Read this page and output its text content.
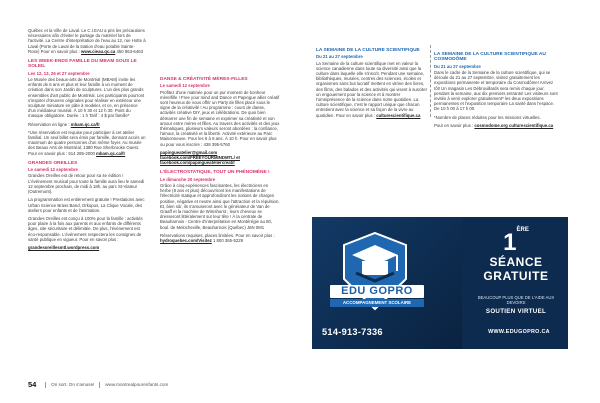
Québec et la Ville de Laval. Le C.I.EAU a pris les précautions nécessaires afin d'éviter le partage du matériel lors de l'activité. La Centre d'interprétation de l'eau au 12, rue Hotte à Laval (Porte de Laval de la station d'eau potable Sainte-Rose) Pour en savoir plus : www.cieau.qc.ca 450 963-6463

LES WEEK-ENDS FAMILLE DU MBAM SOUS LE SOLEIL
Les 12, 13, 26 et 27 septembre

Le Musée des beaux-arts de Montréal (MBAM) invite les enfants de 6 ans et plus et leur famille à un moment de création dans son Jardin de sculptures. L'un des plus grands ensembles d'art public de Montréal. Les participants pourront s'inspirer d'œuvres originales pour réaliser en extérieur une sculpture miniature en pâte à modeler, et ce, en présence d'un médiateur muséal. À 10 h 30 et 12 h 30. Point du masque obligatoire. Durée : 1 h Tarif : 4 $ par famille*

Réservation en ligne : mbam.qc.ca/fr

*Une réservation est requise pour participer à cet atelier familial. Un seul billet sera émis par famille, donnant accès un maximum de quatre personnes d'un même foyer. Au musée des Beaux Arts de Montréal, 1380 Rue Sherbrooke Ouest. Pour en savoir plus : 514 285-2000 mbam.qc.ca/fr

GRANDES OREILLES
Le samedi 12 septembre

Grandes Oreilles est de retour pour sa 4e édition ! L'événement musical pour toute la famille aura lieu le samedi 12 septembre prochain, de midi à 18h, au parc St-Viateur (Outremont).

La programmation est entièrement gratuite ! Prestations avec Urban Science Brass Band, Orkopus, La Clique Vocale, des ateliers pour enfants et de l'animation.

Grandes Oreilles est conçu à 100% pour la famille : activités pour plaire à la fois aux parents et aux enfants de différents âges, site sécuritaire et délimitée. De plus, l'événement est éco-responsable. L'événement respectera les consignes de santé publique en vigueur. Pour en savoir plus :

grandesoreillesmtl.wordpress.com

DANSE & CRÉATIVITÉ MÈRES-FILLES
Le samedi 12 septembre

Profitez d'une matinée pour un pur moment de bonheur mère/fille ! Free your mind and Dance et Papingue allier créatif sont heureux de vous offrir un Party de filles placé sous le signe de la créativité ! Au programme : cours de danse, activités créative DIY, jeux et célébrations. De quoi bien démarrer une fin de semaine et exprimer sa créativité et son amour entre mères et filles. Au travers des activités et des jeux thématiques, plusieurs valeurs seront abordées : la confiance, l'amour, la créativité et la liberté. Activité extérieure au Parc Maisonneuve. Pour les 6 à 9 ans. À 10 h. Pour en savoir plus ou pour vous inscrire : 438 395-5760

papingueatelier@gmail.com facebook.com/FREEYOURMINDMTL/ et facebook.com/papingueateliercreatif

L'ÉLECTROSTATIQUE, TOUT UN PHÉNOMÈNE !
Le dimanche 20 septembre

Grâce à cinq expériences fascinantes, les électriciens en herbe (8 ans et plus) découvriront les manifestations de l'électricité statique et approfondiront les notions de charges positive, négative et neutre ainsi que l'attraction et la répulsion. Et, bien sûr, ils s'amuseront avec le générateur de Van de Graaff et la machine de Wimshurst ; leurs cheveux se dresseront littéralement sur leur tête ! À la centrale de Beauharnois - Centre d'interprétation en Montérégie au 80, boul. de Melocheville, Beauharnois (Québec) J6N 0M1

Réservations requises, places limitées. Pour en savoir plus : hydroquebec.com/Visitez 1 800 365-5229

LA SEMAINE DE LA CULTURE SCIENTIFIQUE
Du 21 au 27 septembre

La Semaine de la culture scientifique met en valeur la science canadienne dans toute sa diversité ainsi que la culture dans laquelle elle s'inscrit. Pendant une semaine, bibliothèques, musées, centres des sciences, écoles et organismes sans but lucratif mettent en vitrine des livres, des films, des balados et des activités qui visent à susciter un engouement pour la science et à montrer l'omniprésence de la science dans notre quotidien. La culture scientifique, c'est le rapport unique que chacun entretient avec la science et sa façon de la vivre au quotidien. Pour en savoir plus : culturescientifique.ca

LA SEMAINE DE LA CULTURE SCIENTIFIQUE AU COSMODÔME
Du 21 au 27 septembre

Dans le cadre de la Semaine de la culture scientifique, qui se déroule du 21 au 27 septembre, visitez gratuitement les expositions permanente et temporaire du Cosmodôme! Arrivez tôt! Un magasin Les Débrouillards sera remis chaque jour, pendant la semaine, aux dix premiers entrants! Les visiteurs sont invités à venir explorer gratuitement* les deux expositions permanentes et l'exposition temporaire La santé dans l'espace. De 10 h 00 à 17 h 00.

*Nombre de places réduites pour les missions virtuelles.

Pour en savoir plus : cosmodome.org culturescientifique.ca

EDU GOPRO
ACCOMPAGNEMENT SCOLAIRE
514-913-7336
1ÈRE
SÉANCE
GRATUITE
BEAUCOUP PLUS QUE DE L'AIDE AUX DEVOIRS
SOUTIEN VIRTUEL
WWW.EDUGOPRO.CA
54	On sort. On s'amuse! www.montrealpourenfants.com
